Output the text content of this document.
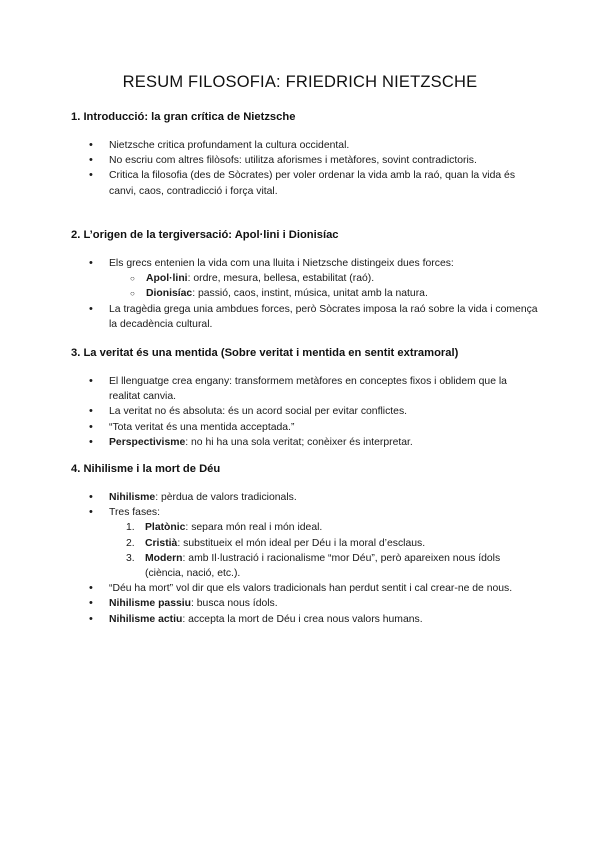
RESUM FILOSOFIA: FRIEDRICH NIETZSCHE

1. Introducció: la gran crítica de Nietzsche

• Nietzsche critica profundament la cultura occidental.
• No escriu com altres filòsofs: utilitza aforismes i metàfores, sovint contradictoris.
• Critica la filosofia (des de Sòcrates) per voler ordenar la vida amb la raó, quan la vida és canvi, caos, contradicció i força vital.

2. L’origen de la tergiversació: Apol·lini i Dionisíac

• Els grecs entenien la vida com una lluita i Nietzsche distingeix dues forces:
○ Apol·lini: ordre, mesura, bellesa, estabilitat (raó).
○ Dionisíac: passió, caos, instint, música, unitat amb la natura.
• La tragèdia grega unia ambdues forces, però Sòcrates imposa la raó sobre la vida i comença la decadència cultural.

3. La veritat és una mentida (Sobre veritat i mentida en sentit extramoral)

• El llenguatge crea engany: transformem metàfores en conceptes fixos i oblidem que la realitat canvia.
• La veritat no és absoluta: és un acord social per evitar conflictes.
• “Tota veritat és una mentida acceptada.”
• Perspectivisme: no hi ha una sola veritat; conèixer és interpretar.

4. Nihilisme i la mort de Déu

• Nihilisme: pèrdua de valors tradicionals.
• Tres fases:
1. Platònic: separa món real i món ideal.
2. Cristià: substitueix el món ideal per Déu i la moral d’esclaus.
3. Modern: amb Il·lustració i racionalisme “mor Déu”, però apareixen nous ídols (ciència, nació, etc.).
• “Déu ha mort” vol dir que els valors tradicionals han perdut sentit i cal crear-ne de nous.
• Nihilisme passiu: busca nous ídols.
• Nihilisme actiu: accepta la mort de Déu i crea nous valors humans.
